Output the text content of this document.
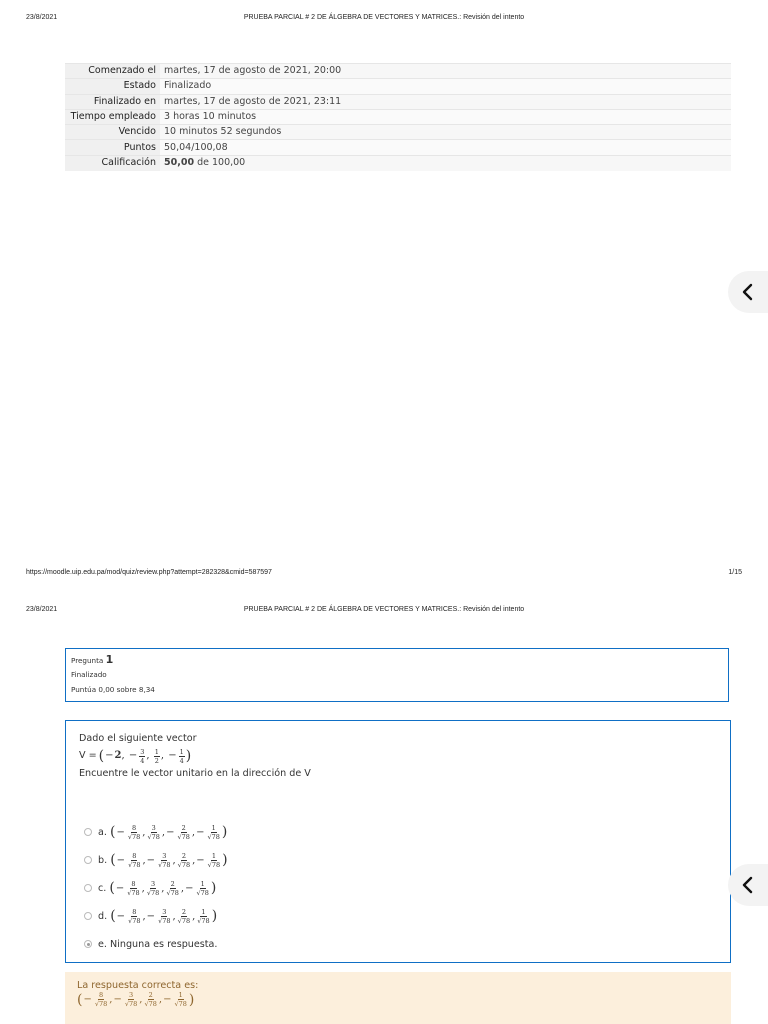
23/8/2021	PRUEBA PARCIAL # 2 DE ÁLGEBRA DE VECTORES Y MATRICES.: Revisión del intento
Comenzado el	martes, 17 de agosto de 2021, 20:00
Estado	Finalizado
Finalizado en	martes, 17 de agosto de 2021, 23:11
Tiempo empleado	3 horas 10 minutos
Vencido	10 minutos 52 segundos
Puntos	50,04/100,08
Calificación	50,00 de 100,00
https://moodle.uip.edu.pa/mod/quiz/review.php?attempt=282328&cmid=587597	1/15
23/8/2021	PRUEBA PARCIAL # 2 DE ÁLGEBRA DE VECTORES Y MATRICES.: Revisión del intento
Pregunta 1
Finalizado
Puntúa 0,00 sobre 8,34
Dado el siguiente vector
V = ( − 2 , − $\frac{3}{4}$ , $\frac{1}{2}$ , − $\frac{1}{4}$ )
Encuentre le vector unitario en la dirección de V
a.
( − $\frac{8}{√78}$ , $\frac{3}{√78}$ , − $\frac{2}{√78}$ , − $\frac{1}{√78}$ )
b.
( − $\frac{8}{√78}$ , − $\frac{3}{√78}$ , $\frac{2}{√78}$ , − $\frac{1}{√78}$ )
c.
( − $\frac{8}{√78}$ , $\frac{3}{√78}$ , $\frac{2}{√78}$ , − $\frac{1}{√78}$ )
d.
( − $\frac{8}{√78}$ , − $\frac{3}{√78}$ , $\frac{2}{√78}$ , $\frac{1}{√78}$ )
e.
Ninguna es respuesta.
La respuesta correcta es:
( − $\frac{8}{√78}$ , − $\frac{3}{√78}$ , $\frac{2}{√78}$ , − $\frac{1}{√78}$ )
